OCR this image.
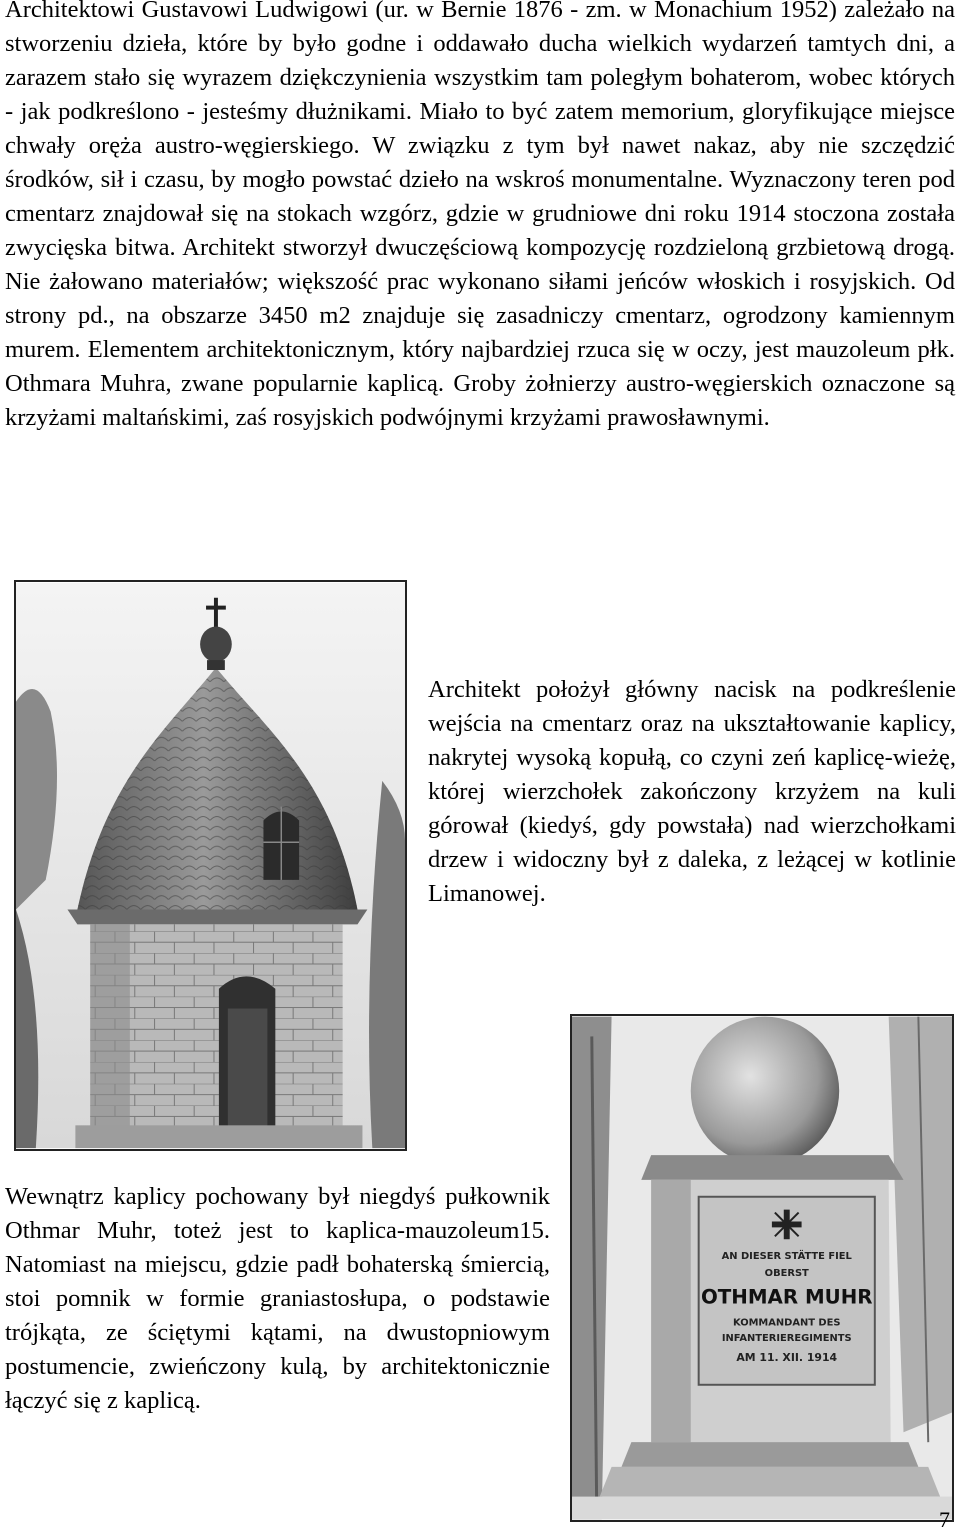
Architektowi Gustavowi Ludwigowi (ur. w Bernie 1876 - zm. w Monachium 1952) zależało na stworzeniu dzieła, które by było godne i oddawało ducha wielkich wydarzeń tamtych dni, a zarazem stało się wyrazem dziękczynienia wszystkim tam poległym bohaterom, wobec których - jak podkreślono - jesteśmy dłużnikami. Miało to być zatem memorium, gloryfikujące miejsce chwały oręża austro-węgierskiego. W związku z tym był nawet nakaz, aby nie szczędzić środków, sił i czasu, by mogło powstać dzieło na wskroś monumentalne. Wyznaczony teren pod cmentarz znajdował się na stokach wzgórz, gdzie w grudniowe dni roku 1914 stoczona została zwycięska bitwa. Architekt stworzył dwuczęściową kompozycję rozdzieloną grzbietową drogą. Nie żałowano materiałów; większość prac wykonano siłami jeńców włoskich i rosyjskich. Od strony pd., na obszarze 3450 m2 znajduje się zasadniczy cmentarz, ogrodzony kamiennym murem. Elementem architektonicznym, który najbardziej rzuca się w oczy, jest mauzoleum płk. Othmara Muhra, zwane popularnie kaplicą. Groby żołnierzy austro-węgierskich oznaczone są krzyżami maltańskimi, zaś rosyjskich podwójnymi krzyżami prawosławnymi.

Architekt położył główny nacisk na podkreślenie wejścia na cmentarz oraz na ukształtowanie kaplicy, nakrytej wysoką kopułą, co czyni zeń kaplicę-wieżę, której wierzchołek zakończony krzyżem na kuli górował (kiedyś, gdy powstała) nad wierzchołkami drzew i widoczny był z daleka, z leżącej w kotlinie Limanowej.

AN DIESER STÄTTE FIEL
OBERST
OTHMAR MUHR
KOMMANDANT DES
INFANTERIEREGIMENTS
AM 11. XII. 1914

Wewnątrz kaplicy pochowany był niegdyś pułkownik Othmar Muhr, toteż jest to kaplica-mauzoleum15. Natomiast na miejscu, gdzie padł bohaterską śmiercią, stoi pomnik w formie graniastosłupa, o podstawie trójkąta, ze ściętymi kątami, na dwustopniowym postumencie, zwieńczony kulą, by architektonicznie łączyć się z kaplicą.

7
